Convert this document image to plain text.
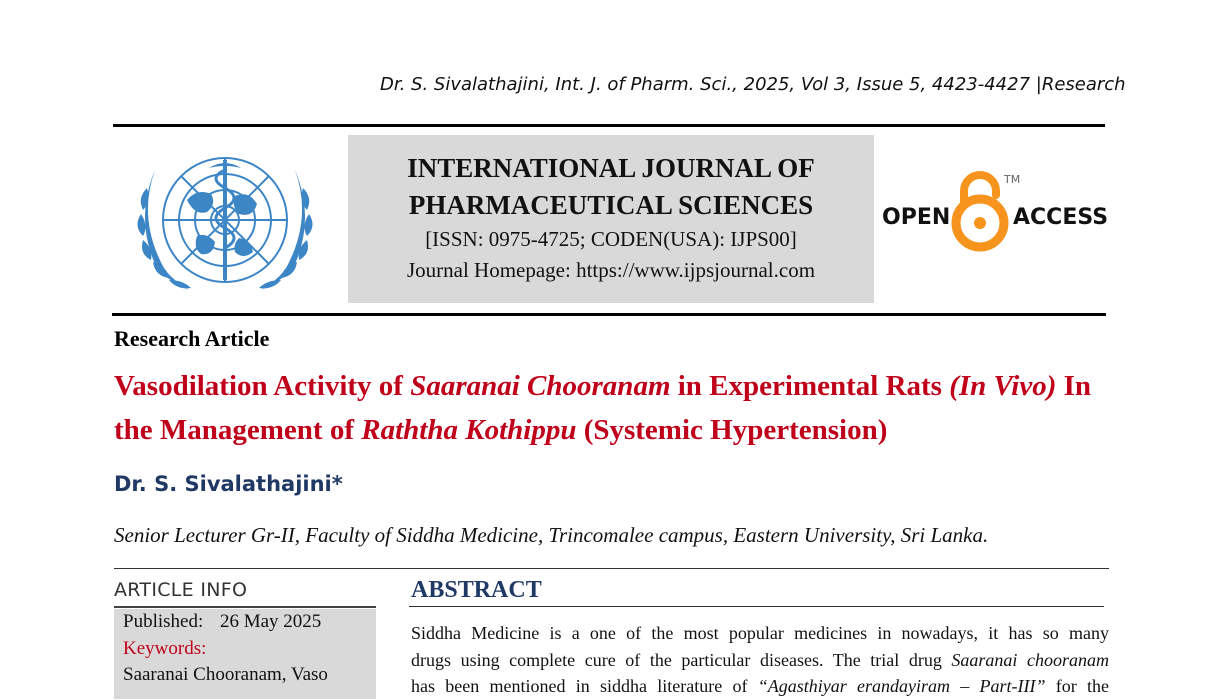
Dr. S. Sivalathajini, Int. J. of Pharm. Sci., 2025, Vol 3, Issue 5, 4423-4427 |Research
INTERNATIONAL JOURNAL OF
PHARMACEUTICAL SCIENCES
[ISSN: 0975-4725; CODEN(USA): IJPS00]
Journal Homepage: https://www.ijpsjournal.com
OPEN	ACCESS
TM
Research Article
Vasodilation Activity of Saaranai Chooranam in Experimental Rats (In Vivo) In the Management of Raththa Kothippu (Systemic Hypertension)
Dr. S. Sivalathajini*
Senior Lecturer Gr-II, Faculty of Siddha Medicine, Trincomalee campus, Eastern University, Sri Lanka.
ARTICLE INFO
Published: 26 May 2025
Keywords:
Saaranai Chooranam, Vaso
ABSTRACT

Siddha Medicine is a one of the most popular medicines in nowadays, it has so many

drugs using complete cure of the particular diseases. The trial drug Saaranai chooranam

has been mentioned in siddha literature of “Agasthiyar erandayiram – Part-III” for the
